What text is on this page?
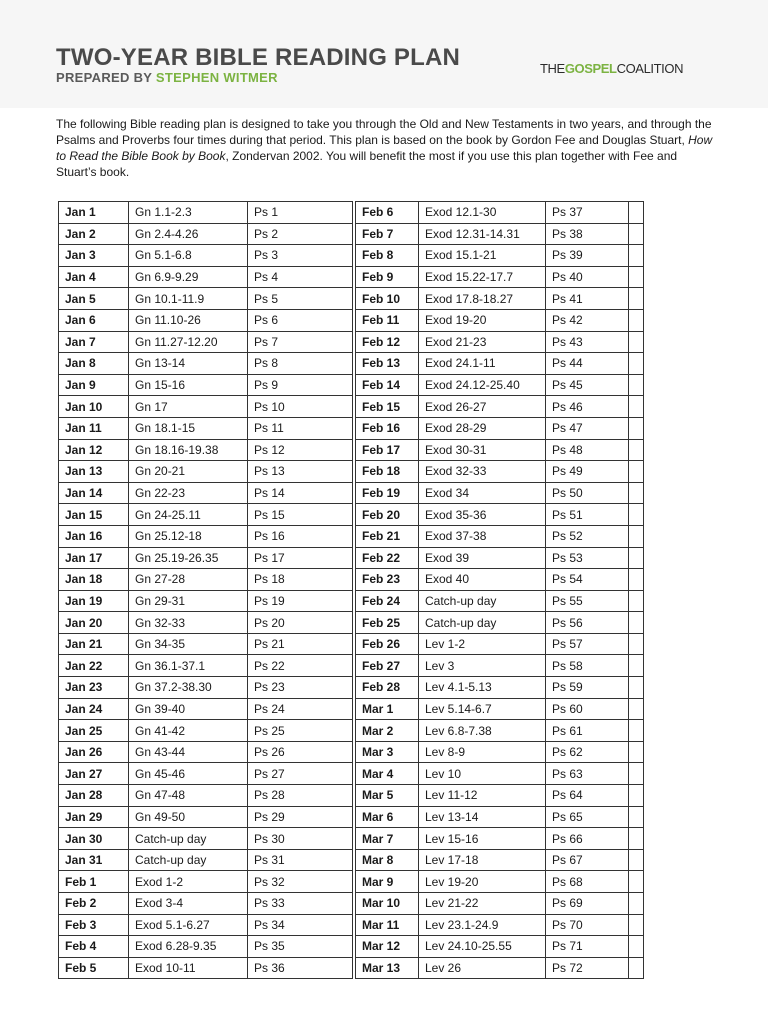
TWO-YEAR BIBLE READING PLAN
PREPARED BY STEPHEN WITMER
THEGOSPELCOALITION
The following Bible reading plan is designed to take you through the Old and New Testaments in two years, and through the Psalms and Proverbs four times during that period. This plan is based on the book by Gordon Fee and Douglas Stuart, How to Read the Bible Book by Book, Zondervan 2002. You will benefit the most if you use this plan together with Fee and Stuart’s book.
Jan 1	Gn 1.1-2.3	Ps 1		Feb 6	Exod 12.1-30	Ps 37	
Jan 2	Gn 2.4-4.26	Ps 2		Feb 7	Exod 12.31-14.31	Ps 38	
Jan 3	Gn 5.1-6.8	Ps 3		Feb 8	Exod 15.1-21	Ps 39	
Jan 4	Gn 6.9-9.29	Ps 4		Feb 9	Exod 15.22-17.7	Ps 40	
Jan 5	Gn 10.1-11.9	Ps 5		Feb 10	Exod 17.8-18.27	Ps 41	
Jan 6	Gn 11.10-26	Ps 6		Feb 11	Exod 19-20	Ps 42	
Jan 7	Gn 11.27-12.20	Ps 7		Feb 12	Exod 21-23	Ps 43	
Jan 8	Gn 13-14	Ps 8		Feb 13	Exod 24.1-11	Ps 44	
Jan 9	Gn 15-16	Ps 9		Feb 14	Exod 24.12-25.40	Ps 45	
Jan 10	Gn 17	Ps 10		Feb 15	Exod 26-27	Ps 46	
Jan 11	Gn 18.1-15	Ps 11		Feb 16	Exod 28-29	Ps 47	
Jan 12	Gn 18.16-19.38	Ps 12		Feb 17	Exod 30-31	Ps 48	
Jan 13	Gn 20-21	Ps 13		Feb 18	Exod 32-33	Ps 49	
Jan 14	Gn 22-23	Ps 14		Feb 19	Exod 34	Ps 50	
Jan 15	Gn 24-25.11	Ps 15		Feb 20	Exod 35-36	Ps 51	
Jan 16	Gn 25.12-18	Ps 16		Feb 21	Exod 37-38	Ps 52	
Jan 17	Gn 25.19-26.35	Ps 17		Feb 22	Exod 39	Ps 53	
Jan 18	Gn 27-28	Ps 18		Feb 23	Exod 40	Ps 54	
Jan 19	Gn 29-31	Ps 19		Feb 24	Catch-up day	Ps 55	
Jan 20	Gn 32-33	Ps 20		Feb 25	Catch-up day	Ps 56	
Jan 21	Gn 34-35	Ps 21		Feb 26	Lev 1-2	Ps 57	
Jan 22	Gn 36.1-37.1	Ps 22		Feb 27	Lev 3	Ps 58	
Jan 23	Gn 37.2-38.30	Ps 23		Feb 28	Lev 4.1-5.13	Ps 59	
Jan 24	Gn 39-40	Ps 24		Mar 1	Lev 5.14-6.7	Ps 60	
Jan 25	Gn 41-42	Ps 25		Mar 2	Lev 6.8-7.38	Ps 61	
Jan 26	Gn 43-44	Ps 26		Mar 3	Lev 8-9	Ps 62	
Jan 27	Gn 45-46	Ps 27		Mar 4	Lev 10	Ps 63	
Jan 28	Gn 47-48	Ps 28		Mar 5	Lev 11-12	Ps 64	
Jan 29	Gn 49-50	Ps 29		Mar 6	Lev 13-14	Ps 65	
Jan 30	Catch-up day	Ps 30		Mar 7	Lev 15-16	Ps 66	
Jan 31	Catch-up day	Ps 31		Mar 8	Lev 17-18	Ps 67	
Feb 1	Exod 1-2	Ps 32		Mar 9	Lev 19-20	Ps 68	
Feb 2	Exod 3-4	Ps 33		Mar 10	Lev 21-22	Ps 69	
Feb 3	Exod 5.1-6.27	Ps 34		Mar 11	Lev 23.1-24.9	Ps 70	
Feb 4	Exod 6.28-9.35	Ps 35		Mar 12	Lev 24.10-25.55	Ps 71	
Feb 5	Exod 10-11	Ps 36		Mar 13	Lev 26	Ps 72	
